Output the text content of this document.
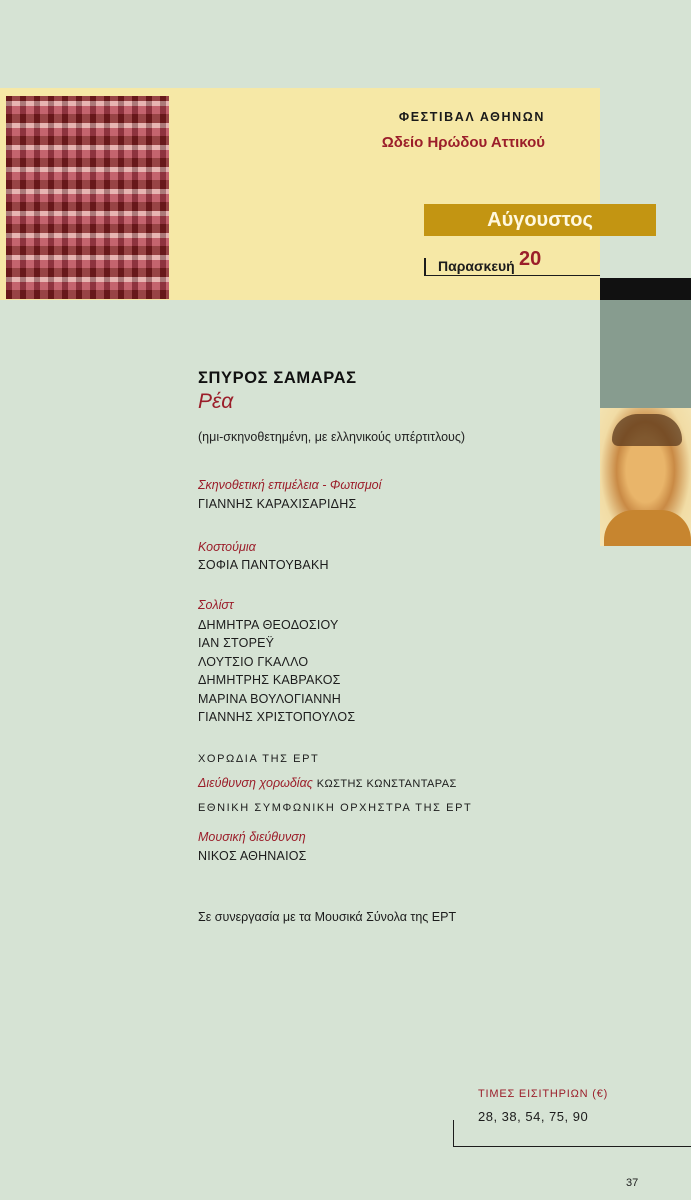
ΦΕΣΤΙΒΑΛ ΑΘΗΝΩΝ
Ωδείο Ηρώδου Αττικού
Αύγουστος
Παρασκευή 20
ΣΠΥΡΟΣ ΣΑΜΑΡΑΣ
Ρέα
(ημι-σκηνοθετημένη, με ελληνικούς υπέρτιτλους)
Σκηνοθετική επιμέλεια - Φωτισμοί
ΓΙΑΝΝΗΣ ΚΑΡΑΧΙΣΑΡΙΔΗΣ
Κοστούμια
ΣΟΦΙΑ ΠΑΝΤΟΥΒΑΚΗ
Σολίστ
ΔΗΜΗΤΡΑ ΘΕΟΔΟΣΙΟΥ
ΙΑΝ ΣΤΟΡΕΫ
ΛΟΥΤΣΙΟ ΓΚΑΛΛΟ
ΔΗΜΗΤΡΗΣ ΚΑΒΡΑΚΟΣ
ΜΑΡΙΝΑ ΒΟΥΛΟΓΙΑΝΝΗ
ΓΙΑΝΝΗΣ ΧΡΙΣΤΟΠΟΥΛΟΣ
ΧΟΡΩΔΙΑ ΤΗΣ ΕΡΤ
Διεύθυνση χορωδίας ΚΩΣΤΗΣ ΚΩΝΣΤΑΝΤΑΡΑΣ
ΕΘΝΙΚΗ ΣΥΜΦΩΝΙΚΗ ΟΡΧΗΣΤΡΑ ΤΗΣ ΕΡΤ
Μουσική διεύθυνση
ΝΙΚΟΣ ΑΘΗΝΑΙΟΣ
Σε συνεργασία με τα Μουσικά Σύνολα της ΕΡΤ
ΤΙΜΕΣ ΕΙΣΙΤΗΡΙΩΝ (€)
28, 38, 54, 75, 90
37
